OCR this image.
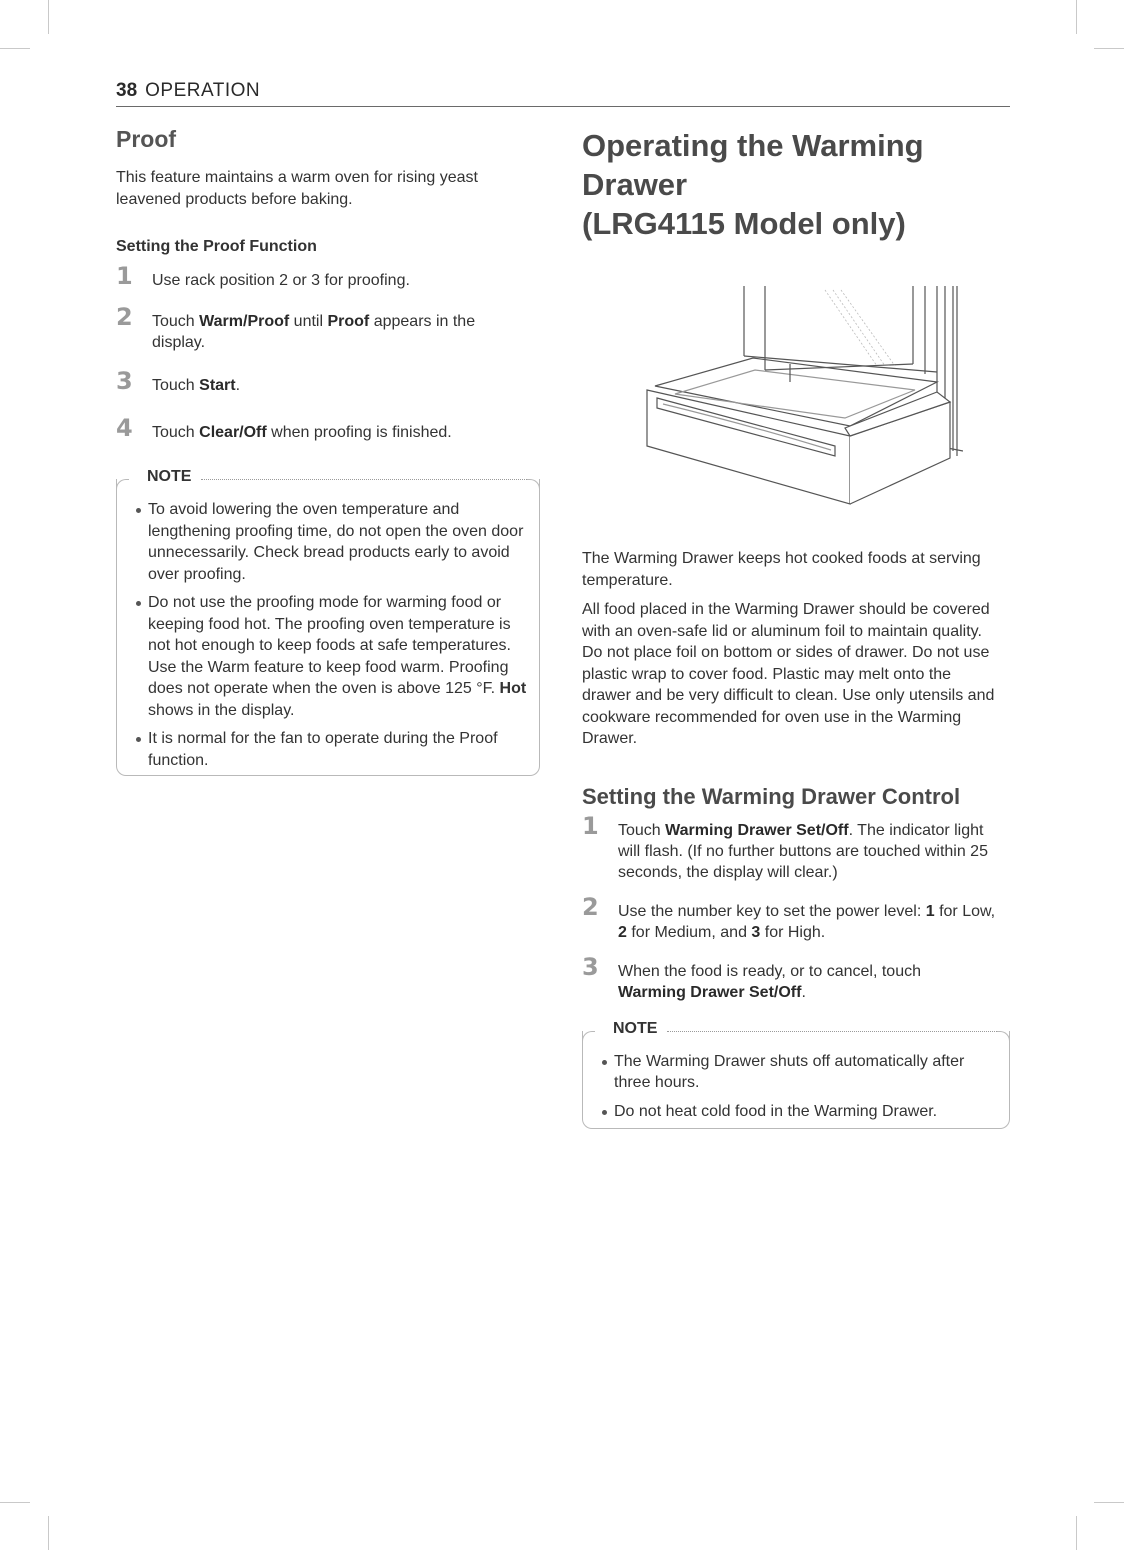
38 OPERATION
Proof

This feature maintains a warm oven for rising yeast leavened products before baking.

Setting the Proof Function
1 Use rack position 2 or 3 for proofing.
2 Touch Warm/Proof until Proof appears in the display.
3 Touch Start.
4 Touch Clear/Off when proofing is finished.
NOTE
To avoid lowering the oven temperature and lengthening proofing time, do not open the oven door unnecessarily. Check bread products early to avoid over proofing.
Do not use the proofing mode for warming food or keeping food hot. The proofing oven temperature is not hot enough to keep foods at safe temperatures. Use the Warm feature to keep food warm. Proofing does not operate when the oven is above 125 °F. Hot shows in the display.
It is normal for the fan to operate during the Proof function.
Operating the Warming
Drawer
(LRG4115 Model only)

The Warming Drawer keeps hot cooked foods at serving temperature.

All food placed in the Warming Drawer should be covered with an oven-safe lid or aluminum foil to maintain quality. Do not place foil on bottom or sides of drawer. Do not use plastic wrap to cover food. Plastic may melt onto the drawer and be very difficult to clean. Use only utensils and cookware recommended for oven use in the Warming Drawer.

Setting the Warming Drawer Control
1 Touch Warming Drawer Set/Off. The indicator light will flash. (If no further buttons are touched within 25 seconds, the display will clear.)
2 Use the number key to set the power level: 1 for Low, 2 for Medium, and 3 for High.
3 When the food is ready, or to cancel, touch Warming Drawer Set/Off.
NOTE
The Warming Drawer shuts off automatically after three hours.
Do not heat cold food in the Warming Drawer.
